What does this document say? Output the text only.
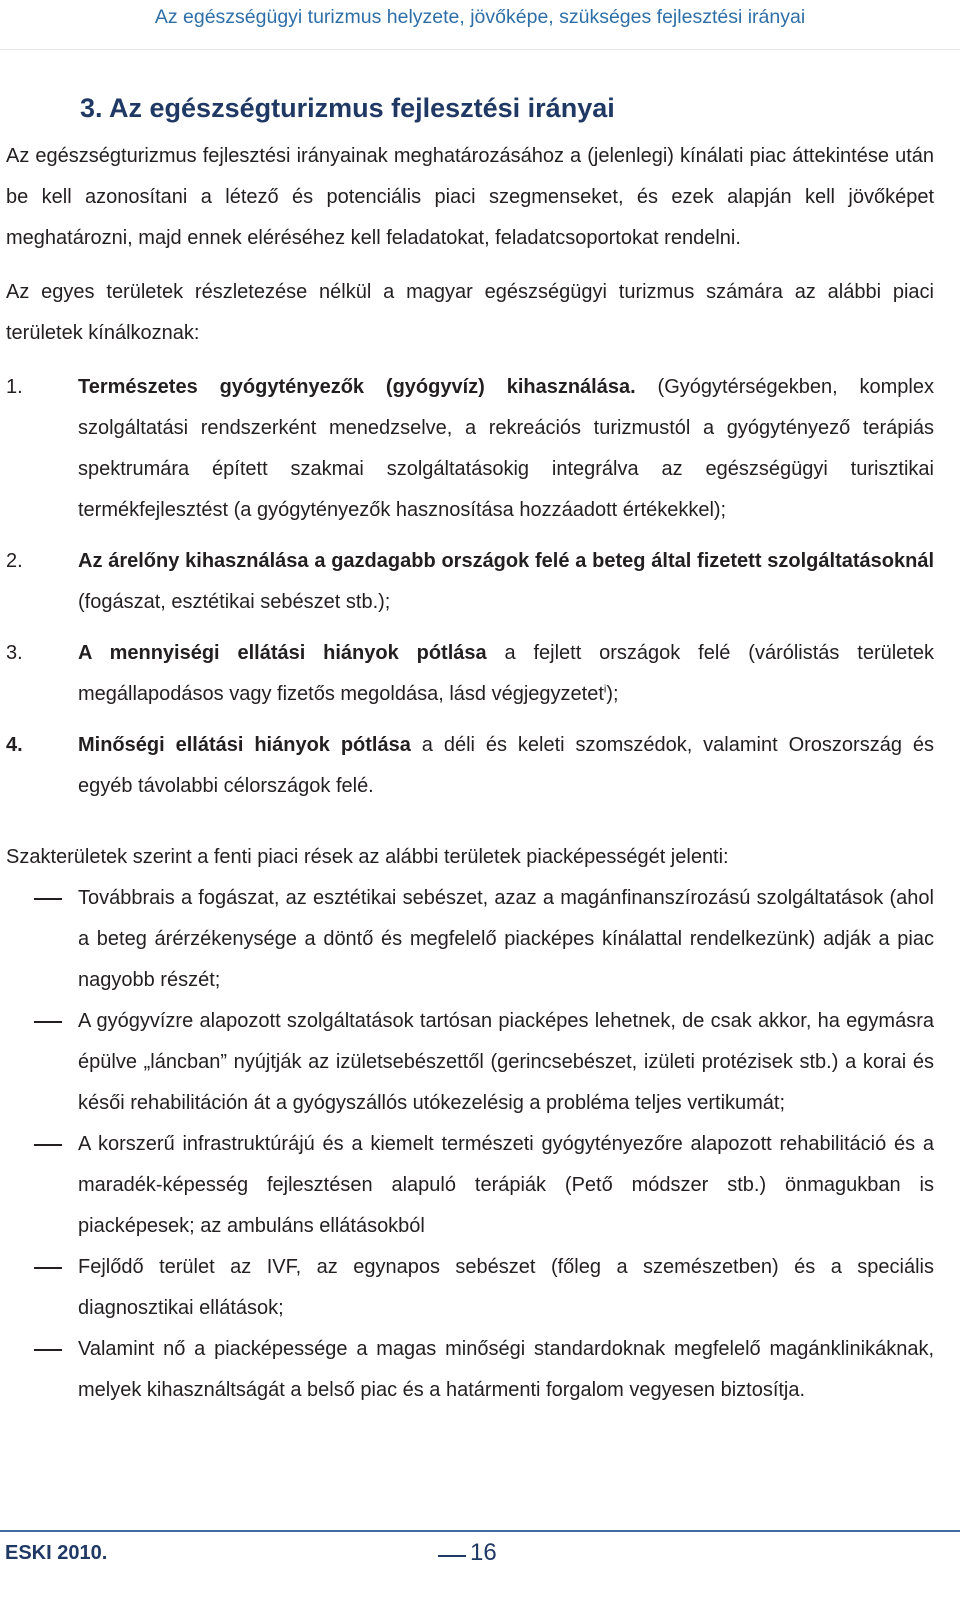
Az egészségügyi turizmus helyzete, jövőképe, szükséges fejlesztési irányai
3. Az egészségturizmus fejlesztési irányai

Az egészségturizmus fejlesztési irányainak meghatározásához a (jelenlegi) kínálati piac áttekintése után be kell azonosítani a létező és potenciális piaci szegmenseket, és ezek alapján kell jövőképet meghatározni, majd ennek eléréséhez kell feladatokat, feladatcsoportokat rendelni.

Az egyes területek részletezése nélkül a magyar egészségügyi turizmus számára az alábbi piaci területek kínálkoznak:

1.	Természetes gyógytényezők (gyógyvíz) kihasználása. (Gyógytérségekben, komplex szolgáltatási rendszerként menedzselve, a rekreációs turizmustól a gyógytényező terápiás spektrumára épített szakmai szolgáltatásokig integrálva az egészségügyi turisztikai termékfejlesztést (a gyógytényezők hasznosítása hozzáadott értékekkel);
2.	Az árelőny kihasználása a gazdagabb országok felé a beteg által fizetett szolgáltatásoknál (fogászat, esztétikai sebészet stb.);
3.	A mennyiségi ellátási hiányok pótlása a fejlett országok felé (várólistás területek megállapodásos vagy fizetős megoldása, lásd végjegyzetet$^i$);
4.	Minőségi ellátási hiányok pótlása a déli és keleti szomszédok, valamint Oroszország és egyéb távolabbi célországok felé.

Szakterületek szerint a fenti piaci rések az alábbi területek piacképességét jelenti:

Továbbrais a fogászat, az esztétikai sebészet, azaz a magánfinanszírozású szolgáltatások (ahol a beteg árérzékenysége a döntő és megfelelő piacképes kínálattal rendelkezünk) adják a piac nagyobb részét;
A gyógyvízre alapozott szolgáltatások tartósan piacképes lehetnek, de csak akkor, ha egymásra épülve „láncban” nyújtják az izületsebészettől (gerincsebészet, izületi protézisek stb.) a korai és késői rehabilitáción át a gyógyszállós utókezelésig a probléma teljes vertikumát;
A korszerű infrastruktúrájú és a kiemelt természeti gyógytényezőre alapozott rehabilitáció és a maradék-képesség fejlesztésen alapuló terápiák (Pető módszer stb.) önmagukban is piacképesek; az ambuláns ellátásokból
Fejlődő terület az IVF, az egynapos sebészet (főleg a szemészetben) és a speciális diagnosztikai ellátások;
Valamint nő a piacképessége a magas minőségi standardoknak megfelelő magánklinikáknak, melyek kihasználtságát a belső piac és a határmenti forgalom vegyesen biztosítja.
ESKI 2010.	16
